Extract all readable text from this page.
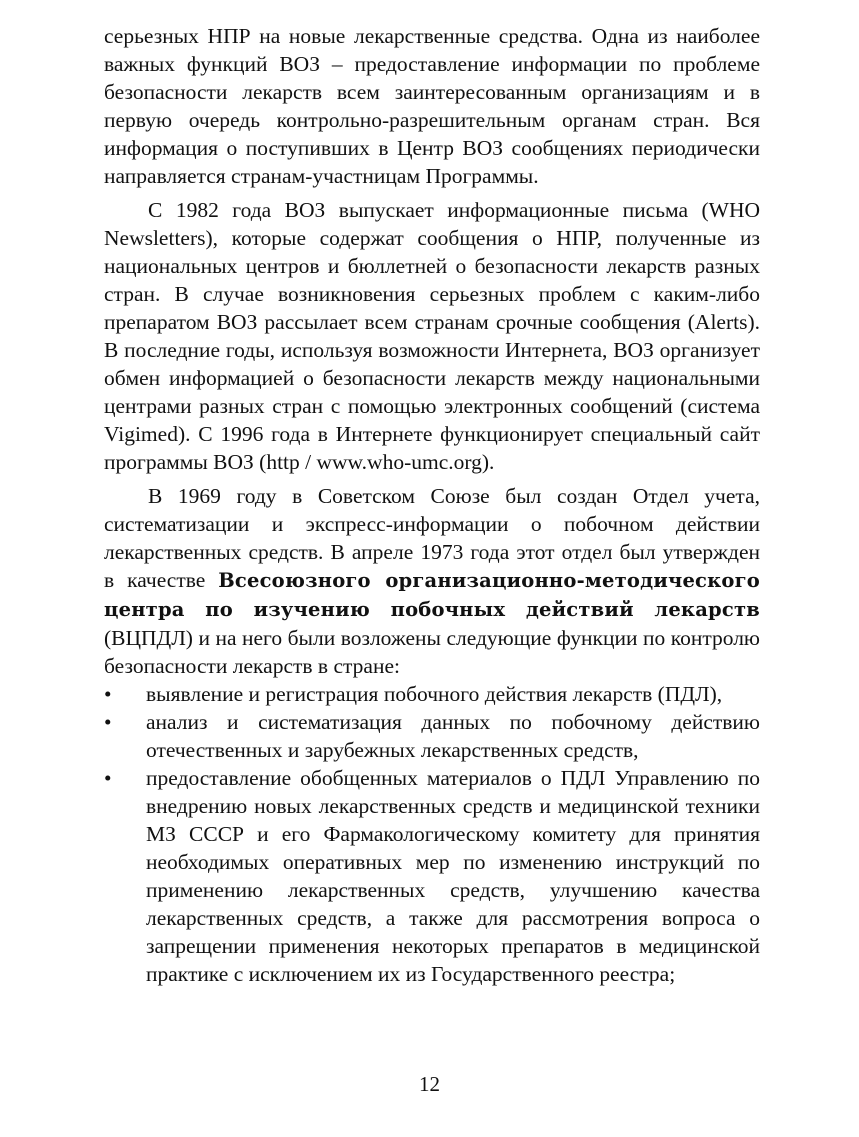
серьезных НПР на новые лекарственные средства. Одна из наиболее важных функций ВОЗ – предоставление информации по проблеме безопасности лекарств всем заинтересованным организациям и в первую очередь контрольно-разрешительным органам стран. Вся информация о поступивших в Центр ВОЗ сообщениях периодически направляется странам-участницам Программы.

С 1982 года ВОЗ выпускает информационные письма (WHO Newsletters), которые содержат сообщения о НПР, полученные из национальных центров и бюллетней о безопасности лекарств разных стран. В случае возникновения серьезных проблем с каким-либо препаратом ВОЗ рассылает всем странам срочные сообщения (Alerts). В последние годы, используя возможности Интернета, ВОЗ организует обмен информацией о безопасности лекарств между национальными центрами разных стран с помощью электронных сообщений (система Vigimed). С 1996 года в Интернете функционирует специальный сайт программы ВОЗ (http / www.who-umc.org).

В 1969 году в Советском Союзе был создан Отдел учета, систематизации и экспресс-информации о побочном действии лекарственных средств. В апреле 1973 года этот отдел был утвержден в качестве Всесоюзного организационно-методического центра по изучению побочных действий лекарств (ВЦПДЛ) и на него были возложены следующие функции по контролю безопасности лекарств в стране:

•	выявление и регистрация побочного действия лекарств (ПДЛ),
•	анализ и систематизация данных по побочному действию отечественных и зарубежных лекарственных средств,
•	предоставление обобщенных материалов о ПДЛ Управлению по внедрению новых лекарственных средств и медицинской техники МЗ СССР и его Фармакологическому комитету для принятия необходимых оперативных мер по изменению инструкций по применению лекарственных средств, улучшению качества лекарственных средств, а также для рассмотрения вопроса о запрещении применения некоторых препаратов в медицинской практике с исключением их из Государственного реестра;
12
